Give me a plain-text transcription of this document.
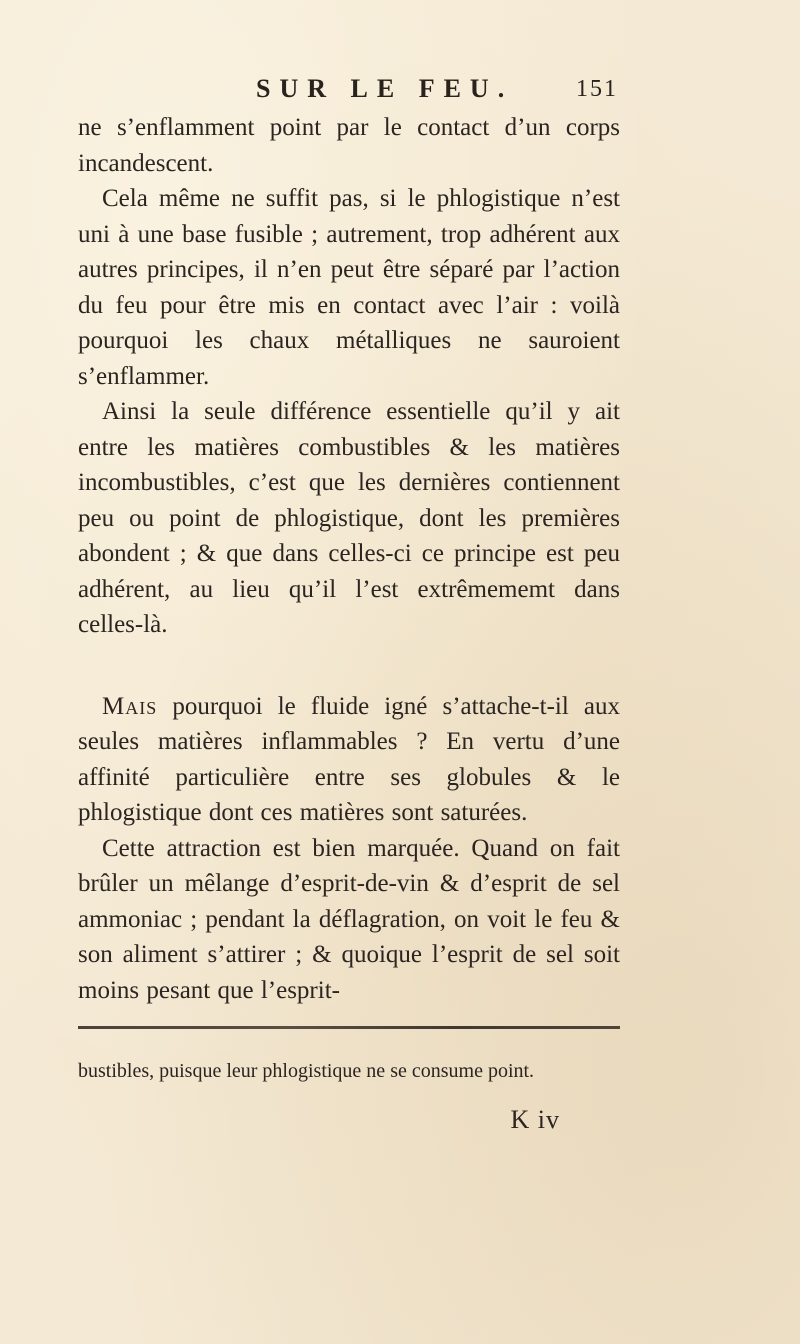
SUR LE FEU.	151

ne s’enflamment point par le contact d’un corps incandescent.

Cela même ne suffit pas, si le phlogistique n’est uni à une base fusible ; autrement, trop adhérent aux autres principes, il n’en peut être séparé par l’action du feu pour être mis en contact avec l’air : voilà pourquoi les chaux métalliques ne sauroient s’enflammer.

Ainsi la seule différence essentielle qu’il y ait entre les matières combustibles & les matières incombustibles, c’est que les dernières contiennent peu ou point de phlogistique, dont les premières abondent ; & que dans celles-ci ce principe est peu adhérent, au lieu qu’il l’est extrêmememt dans celles-là.

Mais pourquoi le fluide igné s’attache-t-il aux seules matières inflammables ? En vertu d’une affinité particulière entre ses globules & le phlogistique dont ces matières sont saturées.

Cette attraction est bien marquée. Quand on fait brûler un mêlange d’esprit-de-vin & d’esprit de sel ammoniac ; pendant la déflagration, on voit le feu & son aliment s’attirer ; & quoique l’esprit de sel soit moins pesant que l’esprit-

bustibles, puisque leur phlogistique ne se consume point.

K iv
